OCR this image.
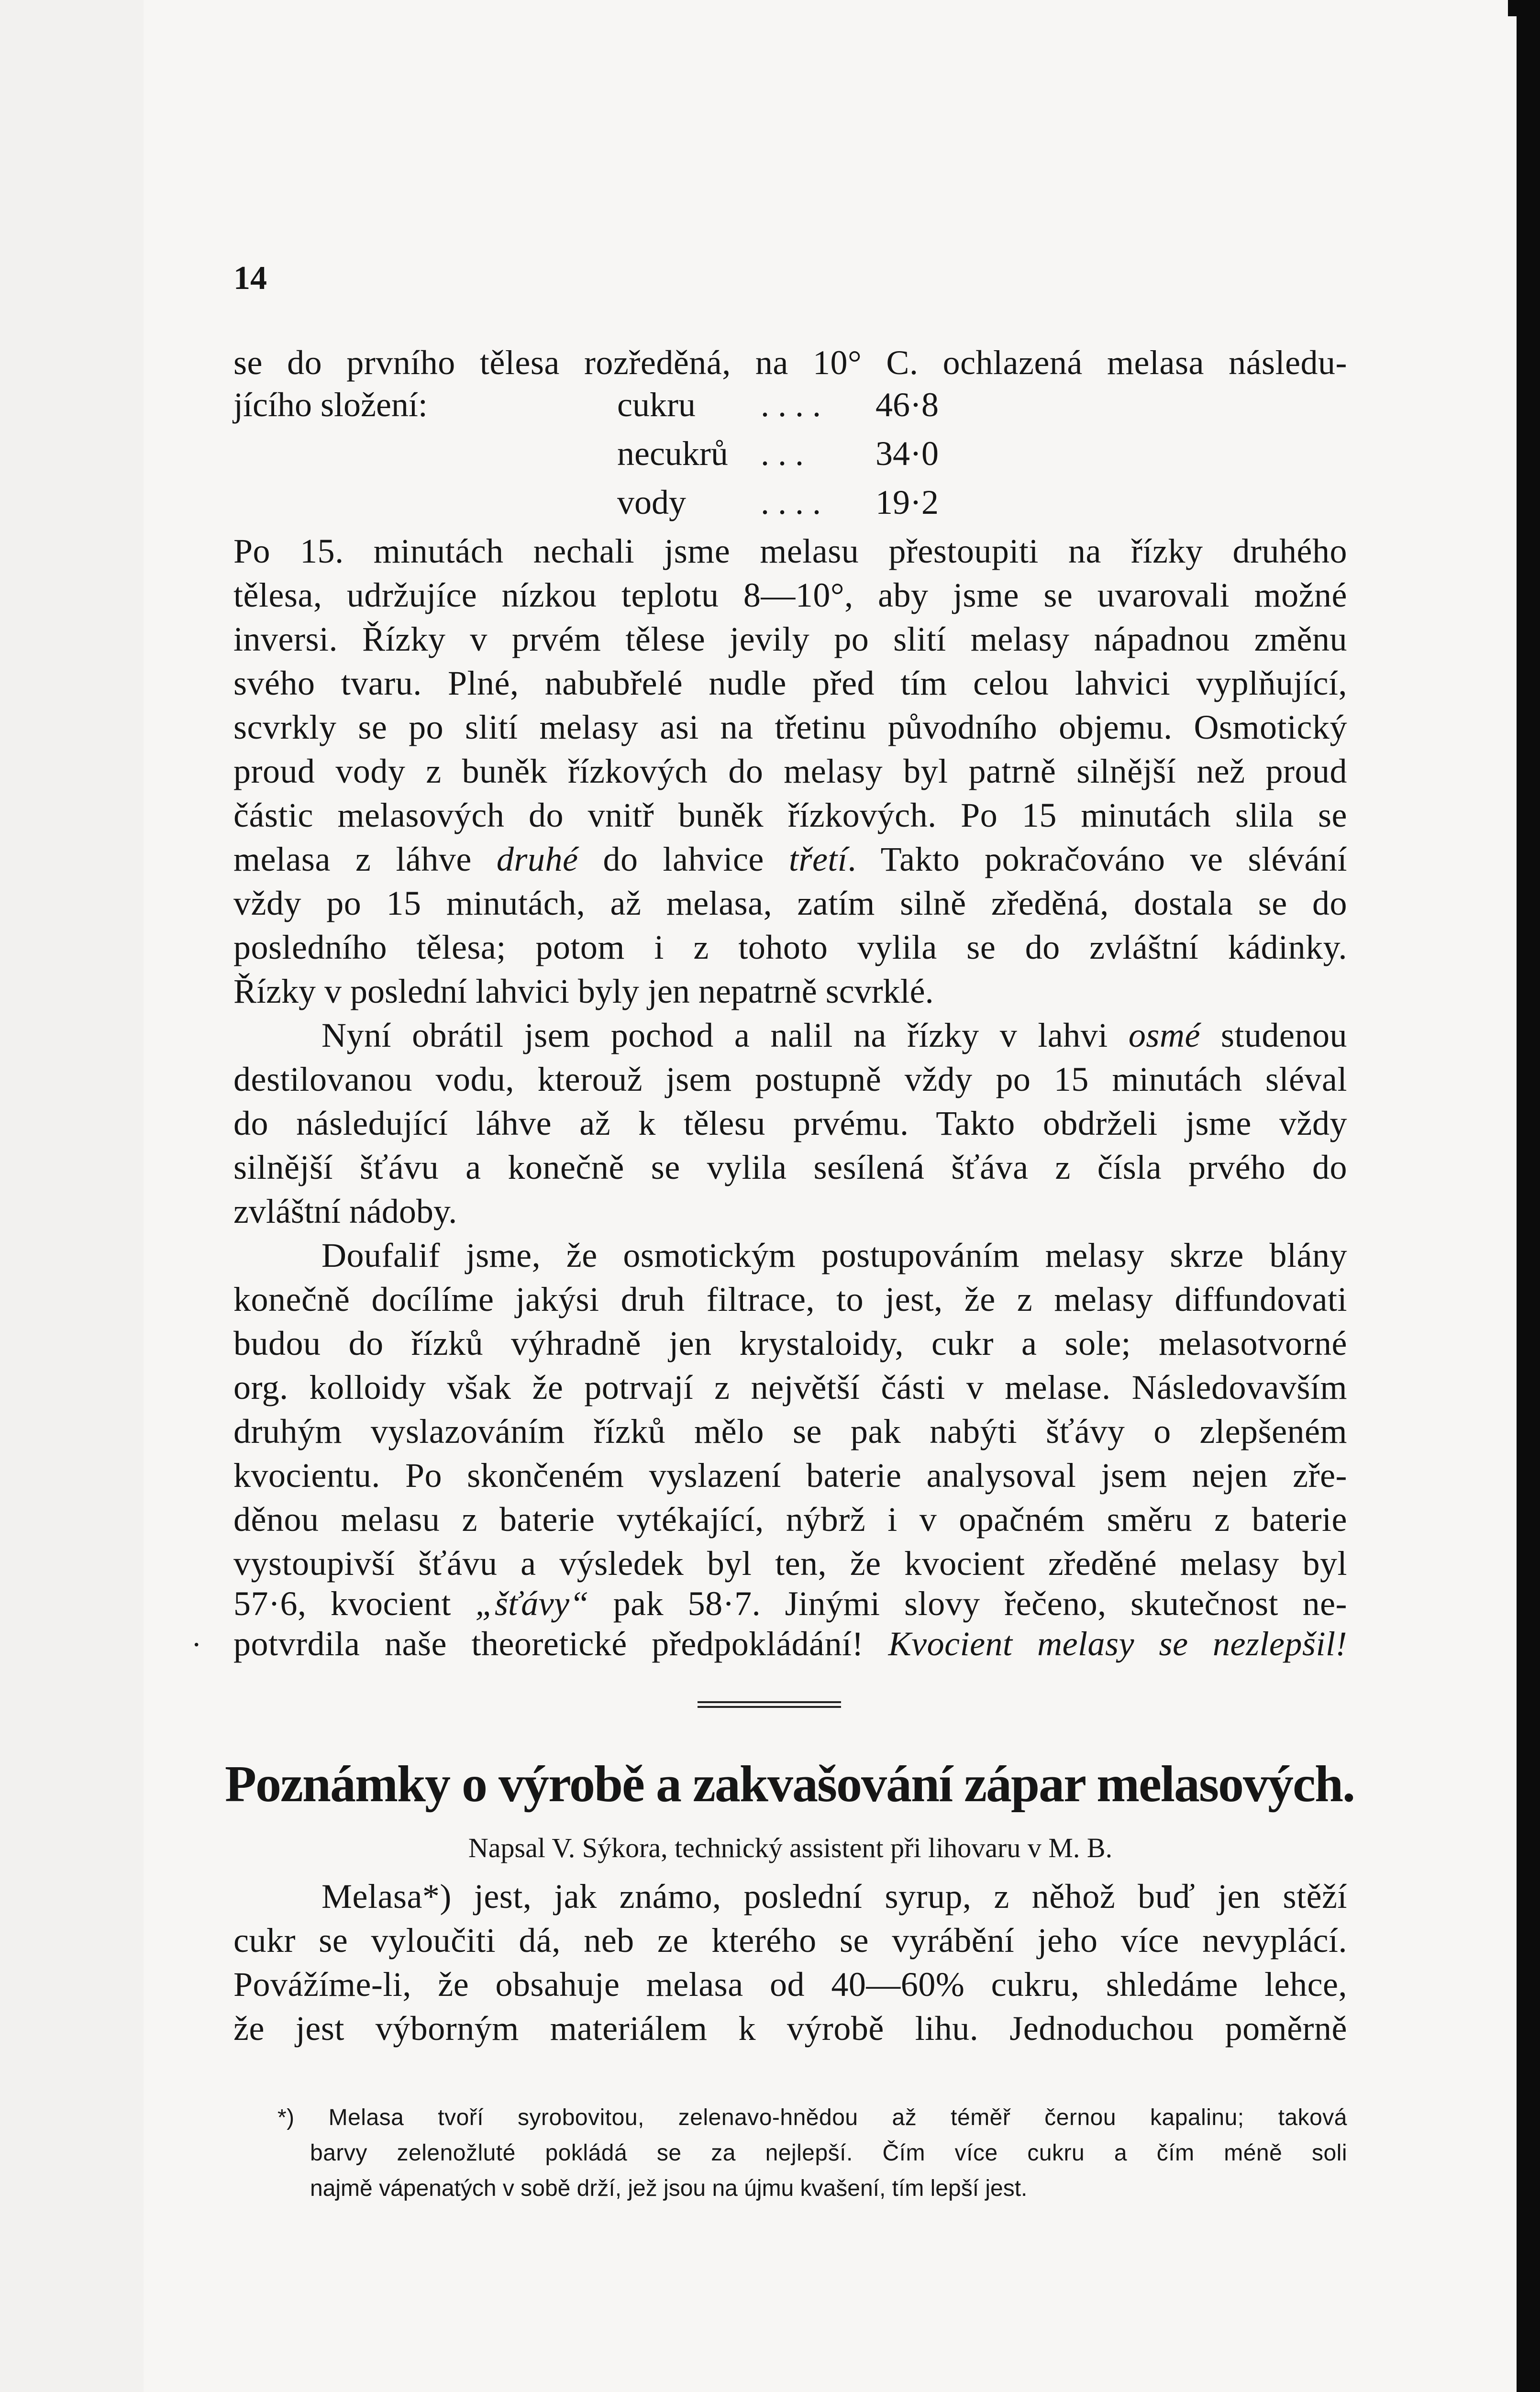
14
se do prvního tělesa rozředěná, na 10° C. ochlazená melasa následu-
jícího složení:	cukru . . . . 46·8
necukrů . . . 34·0
vody . . . . 19·2
Po 15. minutách nechali jsme melasu přestoupiti na řízky druhého
tělesa, udržujíce nízkou teplotu 8—10°, aby jsme se uvarovali možné
inversi. Řízky v prvém tělese jevily po slití melasy nápadnou změnu
svého tvaru. Plné, nabubřelé nudle před tím celou lahvici vyplňující,
scvrkly se po slití melasy asi na třetinu původního objemu. Osmotický
proud vody z buněk řízkových do melasy byl patrně silnější než proud
částic melasových do vnitř buněk řízkových. Po 15 minutách slila se
melasa z láhve druhé do lahvice třetí. Takto pokračováno ve slévání
vždy po 15 minutách, až melasa, zatím silně zředěná, dostala se do
posledního tělesa; potom i z tohoto vylila se do zvláštní kádinky.
Řízky v poslední lahvici byly jen nepatrně scvrklé.
Nyní obrátil jsem pochod a nalil na řízky v lahvi osmé studenou
destilovanou vodu, kterouž jsem postupně vždy po 15 minutách sléval
do následující láhve až k tělesu prvému. Takto obdrželi jsme vždy
silnější šťávu a konečně se vylila sesílená šťáva z čísla prvého do
zvláštní nádoby.
Doufalif jsme, že osmotickým postupováním melasy skrze blány
konečně docílíme jakýsi druh filtrace, to jest, že z melasy diffundovati
budou do řízků výhradně jen krystaloidy, cukr a sole; melasotvorné
org. kolloidy však že potrvají z největší části v melase. Následovavším
druhým vyslazováním řízků mělo se pak nabýti šťávy o zlepšeném
kvocientu. Po skončeném vyslazení baterie analysoval jsem nejen zře-
děnou melasu z baterie vytékající, nýbrž i v opačném směru z baterie
vystoupivší šťávu a výsledek byl ten, že kvocient zředěné melasy byl
57·6, kvocient „šťávy“ pak 58·7. Jinými slovy řečeno, skutečnost ne-
· potvrdila naše theoretické předpokládání! Kvocient melasy se nezlepšil!
Poznámky o výrobě a zakvašování zápar melasových.
Napsal V. Sýkora, technický assistent při lihovaru v M. B.
Melasa*) jest, jak známo, poslední syrup, z něhož buď jen stěží
cukr se vyloučiti dá, neb ze kterého se vyrábění jeho více nevyplácí.
Povážíme-li, že obsahuje melasa od 40—60% cukru, shledáme lehce,
že jest výborným materiálem k výrobě lihu. Jednoduchou poměrně
*) Melasa tvoří syrobovitou, zelenavo-hnědou až téměř černou kapalinu; taková
barvy zelenožluté pokládá se za nejlepší. Čím více cukru a čím méně soli
najmě vápenatých v sobě drží, jež jsou na újmu kvašení, tím lepší jest.
